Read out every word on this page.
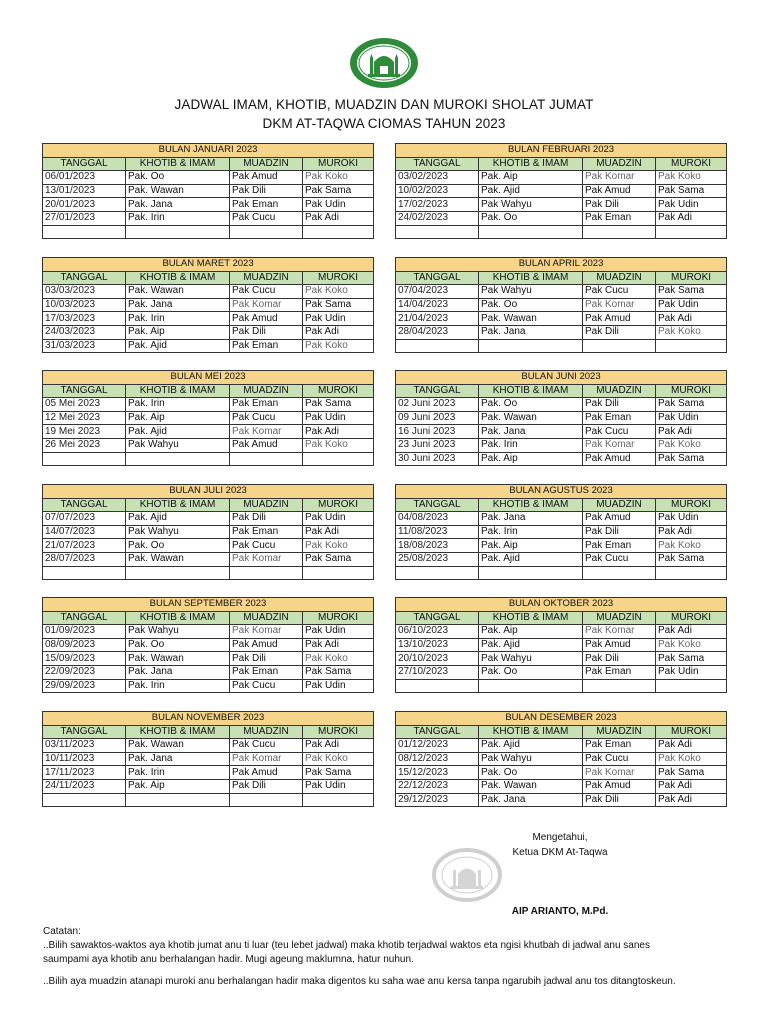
JADWAL IMAM, KHOTIB, MUADZIN DAN MUROKI SHOLAT JUMAT
DKM AT-TAQWA CIOMAS TAHUN 2023
BULAN JANUARI 2023			
TANGGAL	KHOTIB & IMAM	MUADZIN	MUROKI
06/01/2023	Pak. Oo	Pak Amud	Pak Koko
13/01/2023	Pak. Wawan	Pak Dili	Pak Sama
20/01/2023	Pak. Jana	Pak Eman	Pak Udin
27/01/2023	Pak. Irin	Pak Cucu	Pak Adi

BULAN FEBRUARI 2023			
TANGGAL	KHOTIB & IMAM	MUADZIN	MUROKI
03/02/2023	Pak. Aip	Pak Komar	Pak Koko
10/02/2023	Pak. Ajid	Pak Amud	Pak Sama
17/02/2023	Pak Wahyu	Pak Dili	Pak Udin
24/02/2023	Pak. Oo	Pak Eman	Pak Adi

BULAN MARET 2023			
TANGGAL	KHOTIB & IMAM	MUADZIN	MUROKI
03/03/2023	Pak. Wawan	Pak Cucu	Pak Koko
10/03/2023	Pak. Jana	Pak Komar	Pak Sama
17/03/2023	Pak. Irin	Pak Amud	Pak Udin
24/03/2023	Pak. Aip	Pak Dili	Pak Adi
31/03/2023	Pak. Ajid	Pak Eman	Pak Koko
BULAN APRIL 2023			
TANGGAL	KHOTIB & IMAM	MUADZIN	MUROKI
07/04/2023	Pak Wahyu	Pak Cucu	Pak Sama
14/04/2023	Pak. Oo	Pak Komar	Pak Udin
21/04/2023	Pak. Wawan	Pak Amud	Pak Adi
28/04/2023	Pak. Jana	Pak Dili	Pak Koko

BULAN MEI 2023			
TANGGAL	KHOTIB & IMAM	MUADZIN	MUROKI
05 Mei 2023	Pak. Irin	Pak Eman	Pak Sama
12 Mei 2023	Pak. Aip	Pak Cucu	Pak Udin
19 Mei 2023	Pak. Ajid	Pak Komar	Pak Adi
26 Mei 2023	Pak Wahyu	Pak Amud	Pak Koko

BULAN JUNI 2023			
TANGGAL	KHOTIB & IMAM	MUADZIN	MUROKI
02 Juni 2023	Pak. Oo	Pak Dili	Pak Sama
09 Juni 2023	Pak. Wawan	Pak Eman	Pak Udin
16 Juni 2023	Pak. Jana	Pak Cucu	Pak Adi
23 Juni 2023	Pak. Irin	Pak Komar	Pak Koko
30 Juni 2023	Pak. Aip	Pak Amud	Pak Sama
BULAN JULI 2023			
TANGGAL	KHOTIB & IMAM	MUADZIN	MUROKI
07/07/2023	Pak. Ajid	Pak Dili	Pak Udin
14/07/2023	Pak Wahyu	Pak Eman	Pak Adi
21/07/2023	Pak. Oo	Pak Cucu	Pak Koko
28/07/2023	Pak. Wawan	Pak Komar	Pak Sama

BULAN AGUSTUS 2023			
TANGGAL	KHOTIB & IMAM	MUADZIN	MUROKI
04/08/2023	Pak. Jana	Pak Amud	Pak Udin
11/08/2023	Pak. Irin	Pak Dili	Pak Adi
18/08/2023	Pak. Aip	Pak Eman	Pak Koko
25/08/2023	Pak. Ajid	Pak Cucu	Pak Sama

BULAN SEPTEMBER 2023			
TANGGAL	KHOTIB & IMAM	MUADZIN	MUROKI
01/09/2023	Pak Wahyu	Pak Komar	Pak Udin
08/09/2023	Pak. Oo	Pak Amud	Pak Adi
15/09/2023	Pak. Wawan	Pak Dili	Pak Koko
22/09/2023	Pak. Jana	Pak Eman	Pak Sama
29/09/2023	Pak. Irin	Pak Cucu	Pak Udin
BULAN OKTOBER 2023			
TANGGAL	KHOTIB & IMAM	MUADZIN	MUROKI
06/10/2023	Pak. Aip	Pak Komar	Pak Adi
13/10/2023	Pak. Ajid	Pak Amud	Pak Koko
20/10/2023	Pak Wahyu	Pak Dili	Pak Sama
27/10/2023	Pak. Oo	Pak Eman	Pak Udin

BULAN NOVEMBER 2023			
TANGGAL	KHOTIB & IMAM	MUADZIN	MUROKI
03/11/2023	Pak. Wawan	Pak Cucu	Pak Adi
10/11/2023	Pak. Jana	Pak Komar	Pak Koko
17/11/2023	Pak. Irin	Pak Amud	Pak Sama
24/11/2023	Pak. Aip	Pak Dili	Pak Udin

BULAN DESEMBER 2023			
TANGGAL	KHOTIB & IMAM	MUADZIN	MUROKI
01/12/2023	Pak. Ajid	Pak Eman	Pak Adi
08/12/2023	Pak Wahyu	Pak Cucu	Pak Koko
15/12/2023	Pak. Oo	Pak Komar	Pak Sama
22/12/2023	Pak. Wawan	Pak Amud	Pak Adi
29/12/2023	Pak. Jana	Pak Dili	Pak Adi
Mengetahui,
Ketua DKM At-Taqwa
AIP ARIANTO, M.Pd.

Catatan:

..Bilih sawaktos-waktos aya khotib jumat anu ti luar (teu lebet jadwal) maka khotib terjadwal waktos eta ngisi khutbah di jadwal anu sanes

saumpami aya khotib anu berhalangan hadir. Mugi ageung maklumna, hatur nuhun.

..Bilih aya muadzin atanapi muroki anu berhalangan hadir maka digentos ku saha wae anu kersa tanpa ngarubih jadwal anu tos ditangtoskeun.
